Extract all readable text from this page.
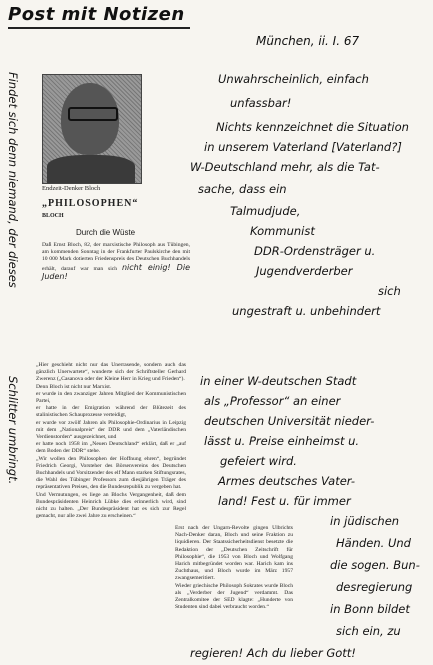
Post mit Notizen
München, ii. I. 67
Findet sich denn niemand, der dieses
Schlitter umbringt.
Endzeit-Denker Bloch
„PHILOSOPHEN“
BLOCH
Durch die Wüste

Daß Ernst Bloch, 82, der marxistische Philosoph aus Tübingen, am kommenden Sonntag in der Frankfurter Paulskirche den mit 10 000 Mark dotierten Friedenspreis des Deutschen Buchhandels erhält, darauf war man sich nicht einig! Die Juden!

„Hier geschieht nicht nur das Unerrasende, sondern auch das gänzlich Unerwartete“, wunderte sich der Schriftsteller Gerhard Zwerenz („Casanova oder der Kleine Herr in Krieg und Frieden“).

Denn Bloch ist nicht nur Marxist.

er wurde in den zwanziger Jahren Mitglied der Kommunistischen Partei,

er hatte in der Emigration während der Blütezeit des stalinistischen Schauprozesse verteidigt,

er wurde vor zwölf Jahren als Philosophie-Ordinarius in Leipzig mit dem „Nationalpreis“ der DDR und dem „Vaterländischen Verdienstorden“ ausgezeichnet, und

er hatte noch 1958 im „Neuen Deutschland“ erklärt, daß er „auf dem Boden der DDR“ stehe.

„Wir wollen den Philosophen der Hoffnung ehren“, begründet Friedrich Georgi, Vorsteher des Börsenvereins des Deutschen Buchhandels und Vorsitzender des elf Mann starken Stiftungsrates, die Wahl des Tübinger Professors zum diesjährigen Träger des repräsentativen Preises, den die Bundesrepublik zu vergeben hat.

Und Vermutungen, es liege an Blochs Vergangenheit, daß dem Bundespräsidenten Heinrich Lübke dies erinnerlich wird, sind nicht zu halten. „Der Bundespräsident hat es sich zur Regel gemacht, nur alle zwei Jahre zu erscheinen.“

Erst nach der Ungarn-Revolte gingen Ulbrichts Nach-Denker daran, Bloch und seine Fraktion zu liquidieren. Der Staatssicherheitsdienst besetzte die Redaktion der „Deutschen Zeitschrift für Philosophie“, die 1953 von Bloch und Wolfgang Harich mitbegründet worden war. Harich kam ins Zuchthaus, und Bloch wurde im März 1957 zwangsemeritiert.

Wieder griechische Philosoph Sokrates wurde Bloch als „Verderber der Jugend“ verdammt. Das Zentralkomitee der SED klagte: „Hunderte von Studenten sind dabei verbraucht worden.“

Unwahrscheinlich, einfach
unfassbar!
Nichts kennzeichnet die Situation
in unserem Vaterland [Vaterland?]
W-Deutschland mehr, als die Tat-
sache, dass ein
Talmudjude,
Kommunist
DDR-Ordensträger u.
Jugendverderber
sich
ungestraft u. unbehindert
in einer W-deutschen Stadt
als „Professor“ an einer
deutschen Universität nieder-
lässt u. Preise einheimst u.
gefeiert wird.
Armes deutsches Vater-
land! Fest u. für immer
in jüdischen
Händen. Und
die sogen. Bun-
desregierung
in Bonn bildet
sich ein, zu
regieren! Ach du lieber Gott!
